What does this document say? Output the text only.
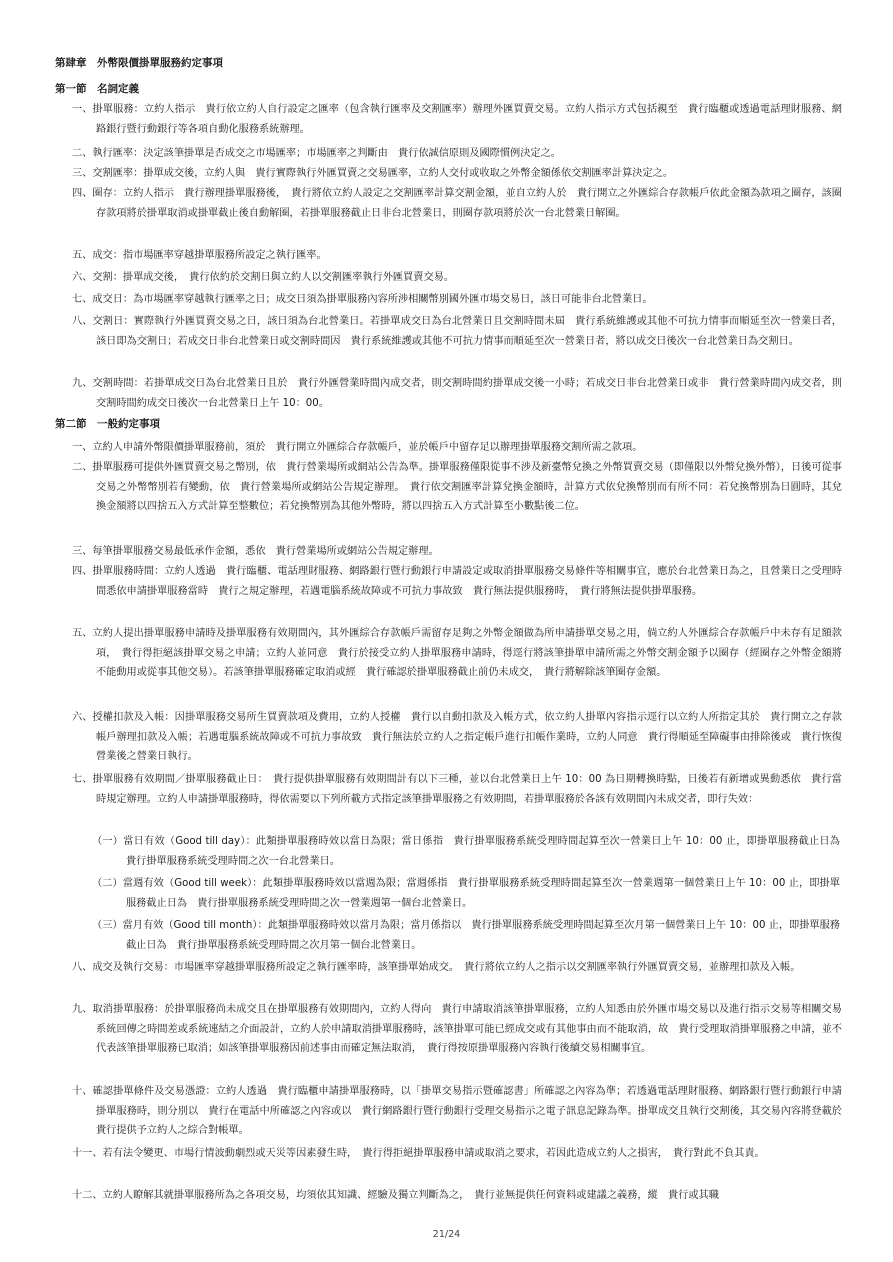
第肆章　外幣限價掛單服務約定事項
第一節　名詞定義
一、掛單服務：立約人指示　貴行依立約人自行設定之匯率（包含執行匯率及交割匯率）辦理外匯買賣交易。立約人指示方式包括親至　貴行臨櫃或透過電話理財服務、網路銀行暨行動銀行等各項自動化服務系統辦理。
二、執行匯率：決定該筆掛單是否成交之市場匯率；市場匯率之判斷由　貴行依誠信原則及國際慣例決定之。
三、交割匯率：掛單成交後，立約人與　貴行實際執行外匯買賣之交易匯率，立約人交付或收取之外幣金額係依交割匯率計算決定之。
四、圈存：立約人指示　貴行辦理掛單服務後，　貴行將依立約人設定之交割匯率計算交割金額，並自立約人於　貴行開立之外匯綜合存款帳戶依此金額為款項之圈存，該圈存款項將於掛單取消或掛單截止後自動解圈，若掛單服務截止日非台北營業日，則圈存款項將於次一台北營業日解圈。
五、成交：指市場匯率穿越掛單服務所設定之執行匯率。
六、交割：掛單成交後，　貴行依約於交割日與立約人以交割匯率執行外匯買賣交易。
七、成交日：為市場匯率穿越執行匯率之日；成交日須為掛單服務內容所涉相關幣別國外匯市場交易日，該日可能非台北營業日。
八、交割日：實際執行外匯買賣交易之日，該日須為台北營業日。若掛單成交日為台北營業日且交割時間未屆　貴行系統維護或其他不可抗力情事而順延至次一營業日者，該日即為交割日；若成交日非台北營業日或交割時間因　貴行系統維護或其他不可抗力情事而順延至次一營業日者，將以成交日後次一台北營業日為交割日。
九、交割時間：若掛單成交日為台北營業日且於　貴行外匯營業時間內成交者，則交割時間約掛單成交後一小時；若成交日非台北營業日或非　貴行營業時間內成交者，則交割時間約成交日後次一台北營業日上午 10：00。
第二節　一般約定事項
一、立約人申請外幣限價掛單服務前，須於　貴行開立外匯綜合存款帳戶，並於帳戶中留存足以辦理掛單服務交割所需之款項。
二、掛單服務可提供外匯買賣交易之幣別，依　貴行營業場所或網站公告為準。掛單服務僅限從事不涉及新臺幣兌換之外幣買賣交易（即僅限以外幣兌換外幣），日後可從事交易之外幣幣別若有變動，依　貴行營業場所或網站公告規定辦理。　貴行依交割匯率計算兌換金額時，計算方式依兌換幣別而有所不同：若兌換幣別為日圓時，其兌換金額將以四捨五入方式計算至整數位；若兌換幣別為其他外幣時，將以四捨五入方式計算至小數點後二位。
三、每筆掛單服務交易最低承作金額，悉依　貴行營業場所或網站公告規定辦理。
四、掛單服務時間：立約人透過　貴行臨櫃、電話理財服務、網路銀行暨行動銀行申請設定或取消掛單服務交易條件等相關事宜，應於台北營業日為之，且營業日之受理時間悉依申請掛單服務當時　貴行之規定辦理，若遇電腦系統故障或不可抗力事故致　貴行無法提供服務時，　貴行將無法提供掛單服務。
五、立約人提出掛單服務申請時及掛單服務有效期間內，其外匯綜合存款帳戶需留存足夠之外幣金額做為所申請掛單交易之用，倘立約人外匯綜合存款帳戶中未存有足額款項，　貴行得拒絕該掛單交易之申請；立約人並同意　貴行於接受立約人掛單服務申請時，得逕行將該筆掛單申請所需之外幣交割金額予以圈存（經圈存之外幣金額將不能動用或從事其他交易）。若該筆掛單服務確定取消或經　貴行確認於掛單服務截止前仍未成交，　貴行將解除該筆圈存金額。
六、授權扣款及入帳：因掛單服務交易所生買賣款項及費用，立約人授權　貴行以自動扣款及入帳方式，依立約人掛單內容指示逕行以立約人所指定其於　貴行開立之存款帳戶辦理扣款及入帳；若遇電腦系統故障或不可抗力事故致　貴行無法於立約人之指定帳戶進行扣帳作業時，立約人同意　貴行得順延至障礙事由排除後或　貴行恢復營業後之營業日執行。
七、掛單服務有效期間／掛單服務截止日：　貴行提供掛單服務有效期間計有以下三種，並以台北營業日上午 10：00 為日期轉換時點，日後若有新增或異動悉依　貴行當時規定辦理。立約人申請掛單服務時，得依需要以下列所載方式指定該筆掛單服務之有效期間，若掛單服務於各該有效期間內未成交者，即行失效：
（一）當日有效（Good till day）：此類掛單服務時效以當日為限；當日係指　貴行掛單服務系統受理時間起算至次一營業日上午 10：00 止，即掛單服務截止日為　貴行掛單服務系統受理時間之次一台北營業日。
（二）當週有效（Good till week）：此類掛單服務時效以當週為限；當週係指　貴行掛單服務系統受理時間起算至次一營業週第一個營業日上午 10：00 止，即掛單服務截止日為　貴行掛單服務系統受理時間之次一營業週第一個台北營業日。
（三）當月有效（Good till month）：此類掛單服務時效以當月為限；當月係指以　貴行掛單服務系統受理時間起算至次月第一個營業日上午 10：00 止，即掛單服務截止日為　貴行掛單服務系統受理時間之次月第一個台北營業日。
八、成交及執行交易：市場匯率穿越掛單服務所設定之執行匯率時，該筆掛單始成交。　貴行將依立約人之指示以交割匯率執行外匯買賣交易，並辦理扣款及入帳。
九、取消掛單服務：於掛單服務尚未成交且在掛單服務有效期間內，立約人得向　貴行申請取消該筆掛單服務，立約人知悉由於外匯市場交易以及進行指示交易等相關交易系統回傳之時間差或系統連結之介面設計，立約人於申請取消掛單服務時，該筆掛單可能已經成交或有其他事由而不能取消，故　貴行受理取消掛單服務之申請，並不代表該筆掛單服務已取消；如該筆掛單服務因前述事由而確定無法取消，　貴行得按原掛單服務內容執行後續交易相關事宜。
十、確認掛單條件及交易憑證：立約人透過　貴行臨櫃申請掛單服務時，以「掛單交易指示暨確認書」所確認之內容為準；若透過電話理財服務、網路銀行暨行動銀行申請掛單服務時，則分別以　貴行在電話中所確認之內容或以　貴行網路銀行暨行動銀行受理交易指示之電子訊息記錄為準。掛單成交且執行交割後，其交易內容將登載於　貴行提供予立約人之綜合對帳單。
十一、若有法令變更、市場行情波動劇烈或天災等因素發生時，　貴行得拒絕掛單服務申請或取消之要求，若因此造成立約人之損害，　貴行對此不負其責。
十二、立約人瞭解其就掛單服務所為之各項交易，均須依其知識、經驗及獨立判斷為之，　貴行並無提供任何資料或建議之義務，縱　貴行或其職
21/24
